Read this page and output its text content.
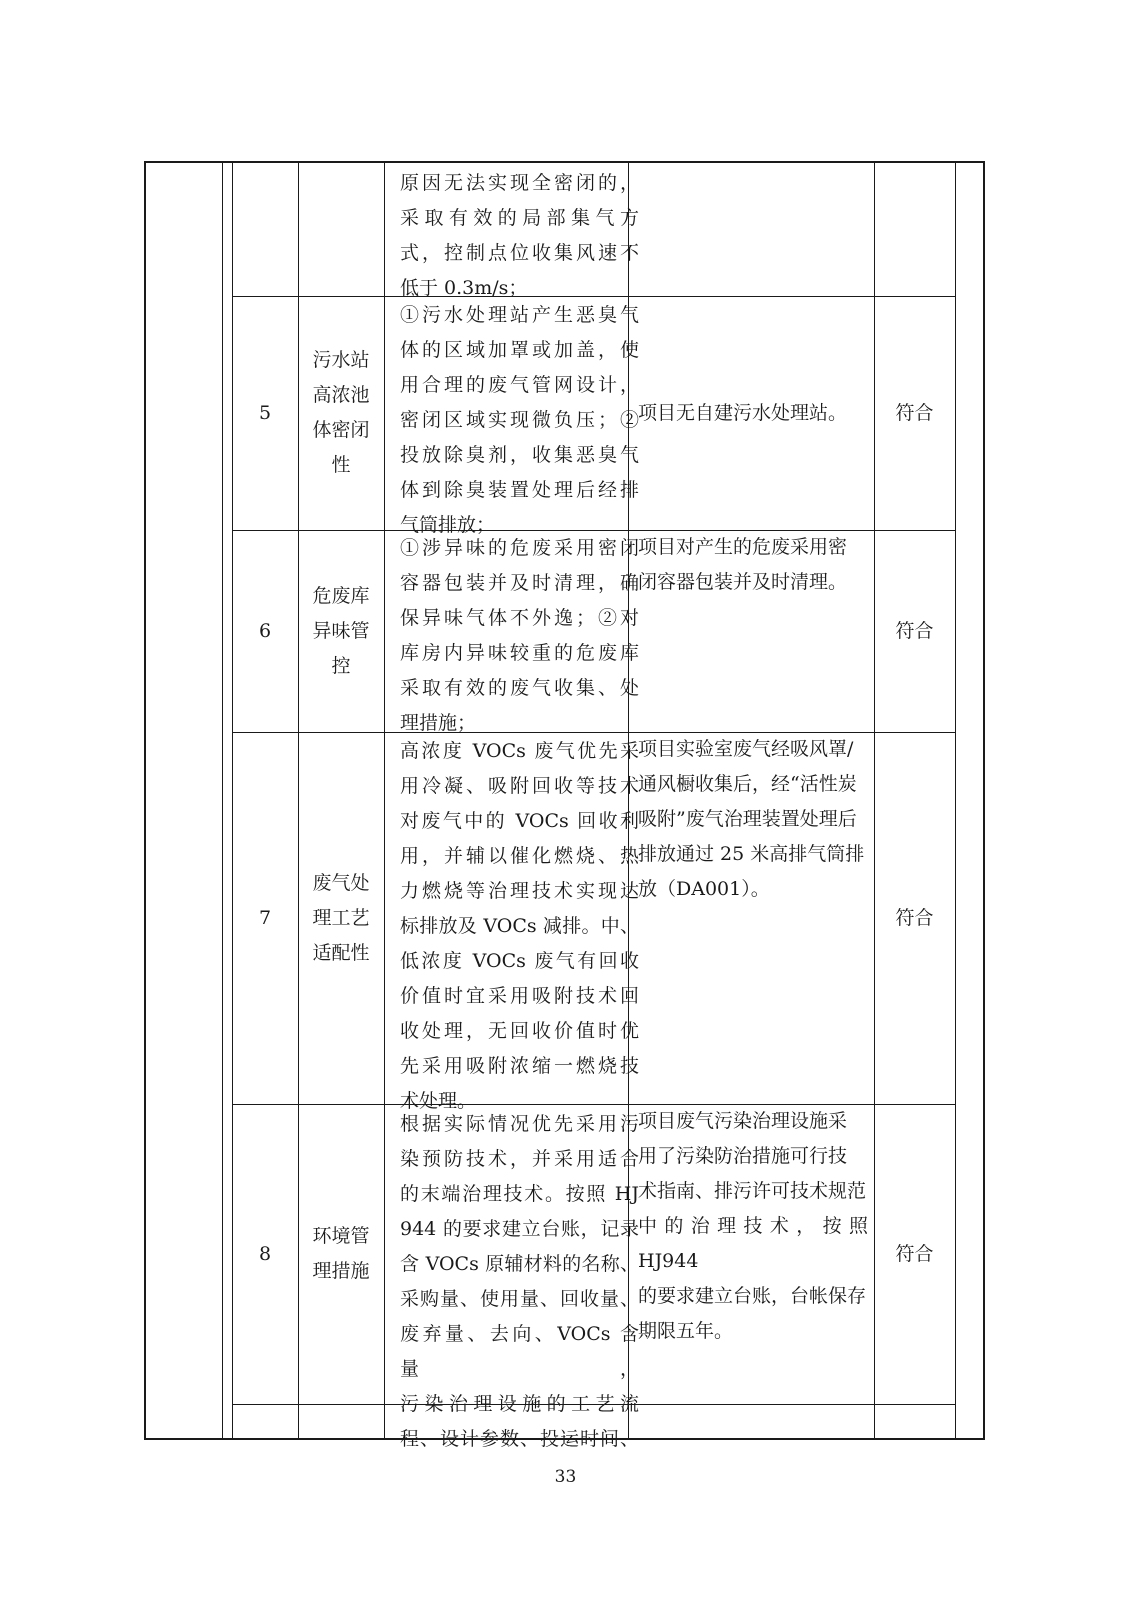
原因无法实现全密闭的，
采取有效的局部集气方
式，控制点位收集风速不
低于 0.3m/s；
5
污水站
高浓池
体密闭
性
①污水处理站产生恶臭气
体的区域加罩或加盖，使
用合理的废气管网设计，
密闭区域实现微负压；②
投放除臭剂，收集恶臭气
体到除臭装置处理后经排
气筒排放；
项目无自建污水处理站。	符合
6
危废库
异味管
控
①涉异味的危废采用密闭
容器包装并及时清理，确
保异味气体不外逸；②对
库房内异味较重的危废库
采取有效的废气收集、处
理措施；
项目对产生的危废采用密
闭容器包装并及时清理。
符合
7
废气处
理工艺
适配性
高浓度 VOCs 废气优先采
用冷凝、吸附回收等技术
对废气中的 VOCs 回收利
用，并辅以催化燃烧、热
力燃烧等治理技术实现达
标排放及 VOCs 减排。中、
低浓度 VOCs 废气有回收
价值时宜采用吸附技术回
收处理，无回收价值时优
先采用吸附浓缩一燃烧技
术处理。
项目实验室废气经吸风罩/
通风橱收集后，经“活性炭
吸附”废气治理装置处理后
排放通过 25 米高排气筒排
放（DA001）。
符合
8
环境管
理措施
根据实际情况优先采用污
染预防技术，并采用适合
的末端治理技术。按照 HJ
944 的要求建立台账，记录
含 VOCs 原辅材料的名称、
采购量、使用量、回收量、
废弃量、去向、VOCs 含量，
污染治理设施的工艺流
程、设计参数、投运时间、
项目废气污染治理设施采
用了污染防治措施可行技
术指南、排污许可技术规范
中的治理技术，按照 HJ944
的要求建立台账，台帐保存
期限五年。
符合
33
